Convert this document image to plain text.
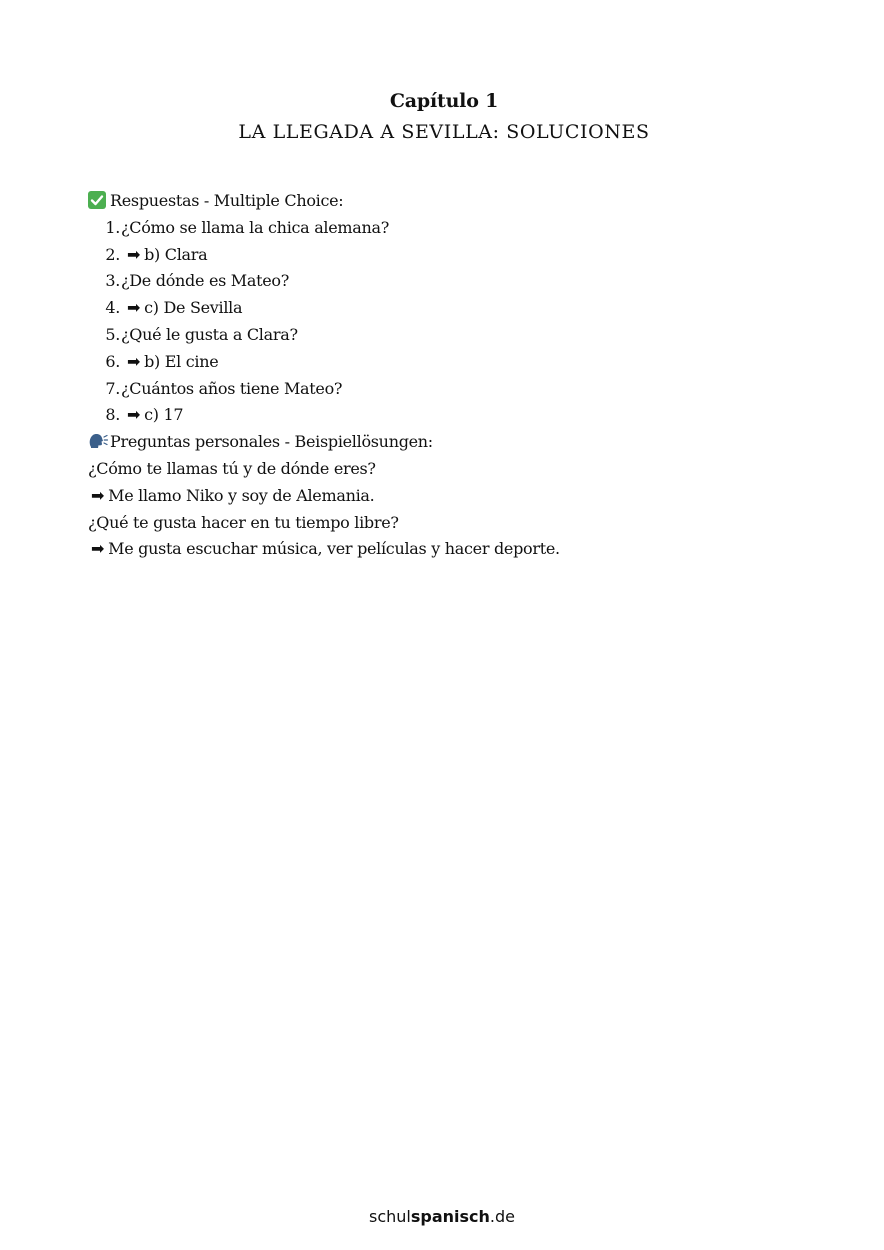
Capítulo 1
LA LLEGADA A SEVILLA: SOLUCIONES
Respuestas - Multiple Choice:
1.¿Cómo se llama la chica alemana?
2. ➡ b) Clara
3.¿De dónde es Mateo?
4. ➡ c) De Sevilla
5.¿Qué le gusta a Clara?
6. ➡ b) El cine
7.¿Cuántos años tiene Mateo?
8. ➡ c) 17
Preguntas personales - Beispiellösungen:
¿Cómo te llamas tú y de dónde eres?
➡ Me llamo Niko y soy de Alemania.
¿Qué te gusta hacer en tu tiempo libre?
➡ Me gusta escuchar música, ver películas y hacer deporte.
schulspanisch.de
